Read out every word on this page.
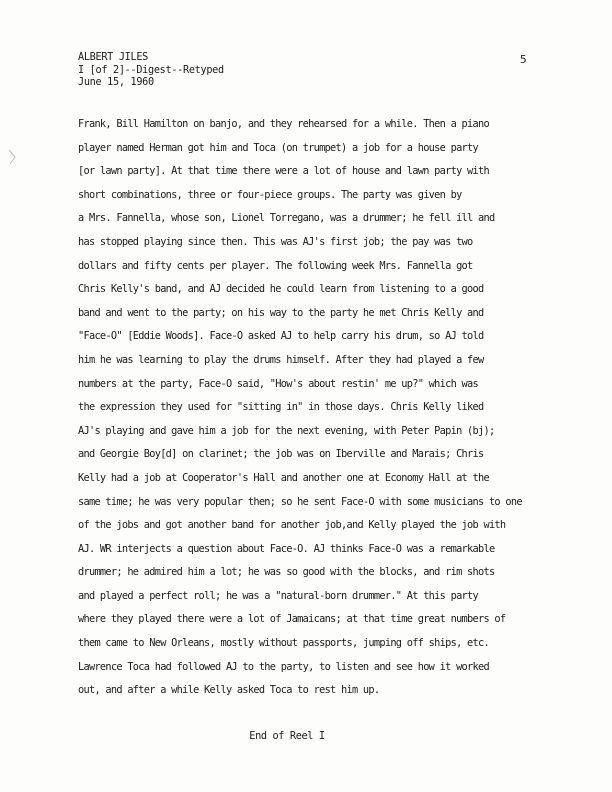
ALBERT JILES
I [of 2]--Digest--Retyped
June 15, 1960
5
Frank, Bill Hamilton on banjo, and they rehearsed for a while. Then a piano
player named Herman got him and Toca (on trumpet) a job for a house party
[or lawn party]. At that time there were a lot of house and lawn party with
short combinations, three or four-piece groups. The party was given by
a Mrs. Fannella, whose son, Lionel Torregano, was a drummer; he fell ill and
has stopped playing since then. This was AJ's first job; the pay was two
dollars and fifty cents per player. The following week Mrs. Fannella got
Chris Kelly's band, and AJ decided he could learn from listening to a good
band and went to the party; on his way to the party he met Chris Kelly and
"Face-O" [Eddie Woods]. Face-O asked AJ to help carry his drum, so AJ told
him he was learning to play the drums himself. After they had played a few
numbers at the party, Face-O said, "How's about restin' me up?" which was
the expression they used for "sitting in" in those days. Chris Kelly liked
AJ's playing and gave him a job for the next evening, with Peter Papin (bj);
and Georgie Boy[d] on clarinet; the job was on Iberville and Marais; Chris
Kelly had a job at Cooperator's Hall and another one at Economy Hall at the
same time; he was very popular then; so he sent Face-O with some musicians to one
of the jobs and got another band for another job,and Kelly played the job with
AJ. WR interjects a question about Face-O. AJ thinks Face-O was a remarkable
drummer; he admired him a lot; he was so good with the blocks, and rim shots
and played a perfect roll; he was a "natural-born drummer." At this party
where they played there were a lot of Jamaicans; at that time great numbers of
them came to New Orleans, mostly without passports, jumping off ships, etc.
Lawrence Toca had followed AJ to the party, to listen and see how it worked
out, and after a while Kelly asked Toca to rest him up.
End of Reel I
